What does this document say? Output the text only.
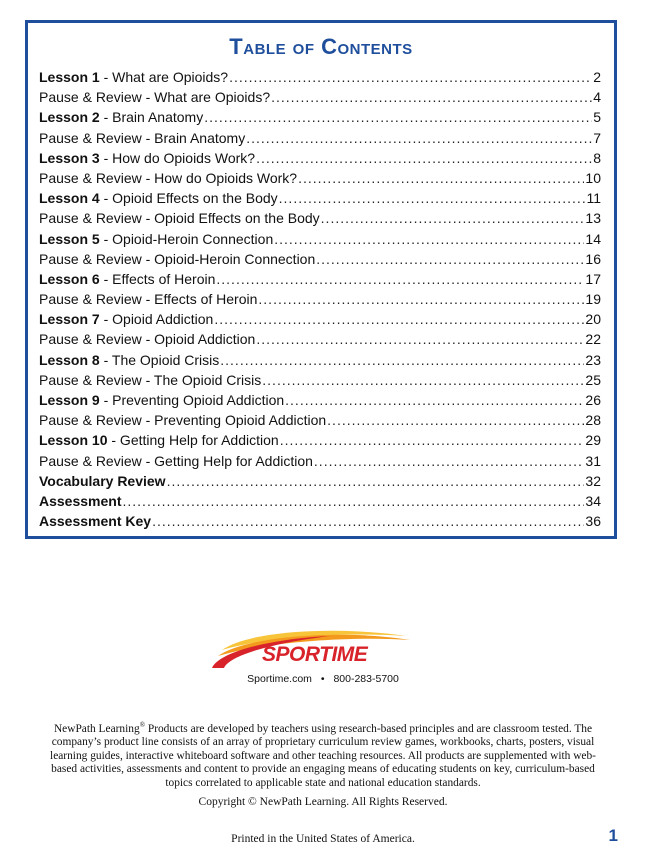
Table of Contents
Lesson 1 - What are Opioids? .....	2
Pause & Review - What are Opioids? .....	4
Lesson 2 - Brain Anatomy .....	5
Pause & Review - Brain Anatomy .....	7
Lesson 3 - How do Opioids Work? .....	8
Pause & Review - How do Opioids Work? .....	10
Lesson 4 - Opioid Effects on the Body .....	11
Pause & Review - Opioid Effects on the Body .....	13
Lesson 5 - Opioid-Heroin Connection .....	14
Pause & Review - Opioid-Heroin Connection .....	16
Lesson 6 - Effects of Heroin .....	17
Pause & Review - Effects of Heroin .....	19
Lesson 7 - Opioid Addiction .....	20
Pause & Review - Opioid Addiction .....	22
Lesson 8 - The Opioid Crisis .....	23
Pause & Review - The Opioid Crisis .....	25
Lesson 9 - Preventing Opioid Addiction .....	26
Pause & Review - Preventing Opioid Addiction .....	28
Lesson 10 - Getting Help for Addiction .....	29
Pause & Review - Getting Help for Addiction .....	31
Vocabulary Review .....	32
Assessment .....	34
Assessment Key .....	36
SPORTIME
Sportime.com • 800-283-5700
NewPath Learning® Products are developed by teachers using research-based principles and are classroom tested. The company’s product line consists of an array of proprietary curriculum review games, workbooks, charts, posters, visual learning guides, interactive whiteboard software and other teaching resources. All products are supplemented with web-based activities, assessments and content to provide an engaging means of educating students on key, curriculum-based topics correlated to applicable state and national education standards.
Copyright © NewPath Learning. All Rights Reserved.
Printed in the United States of America.	1
